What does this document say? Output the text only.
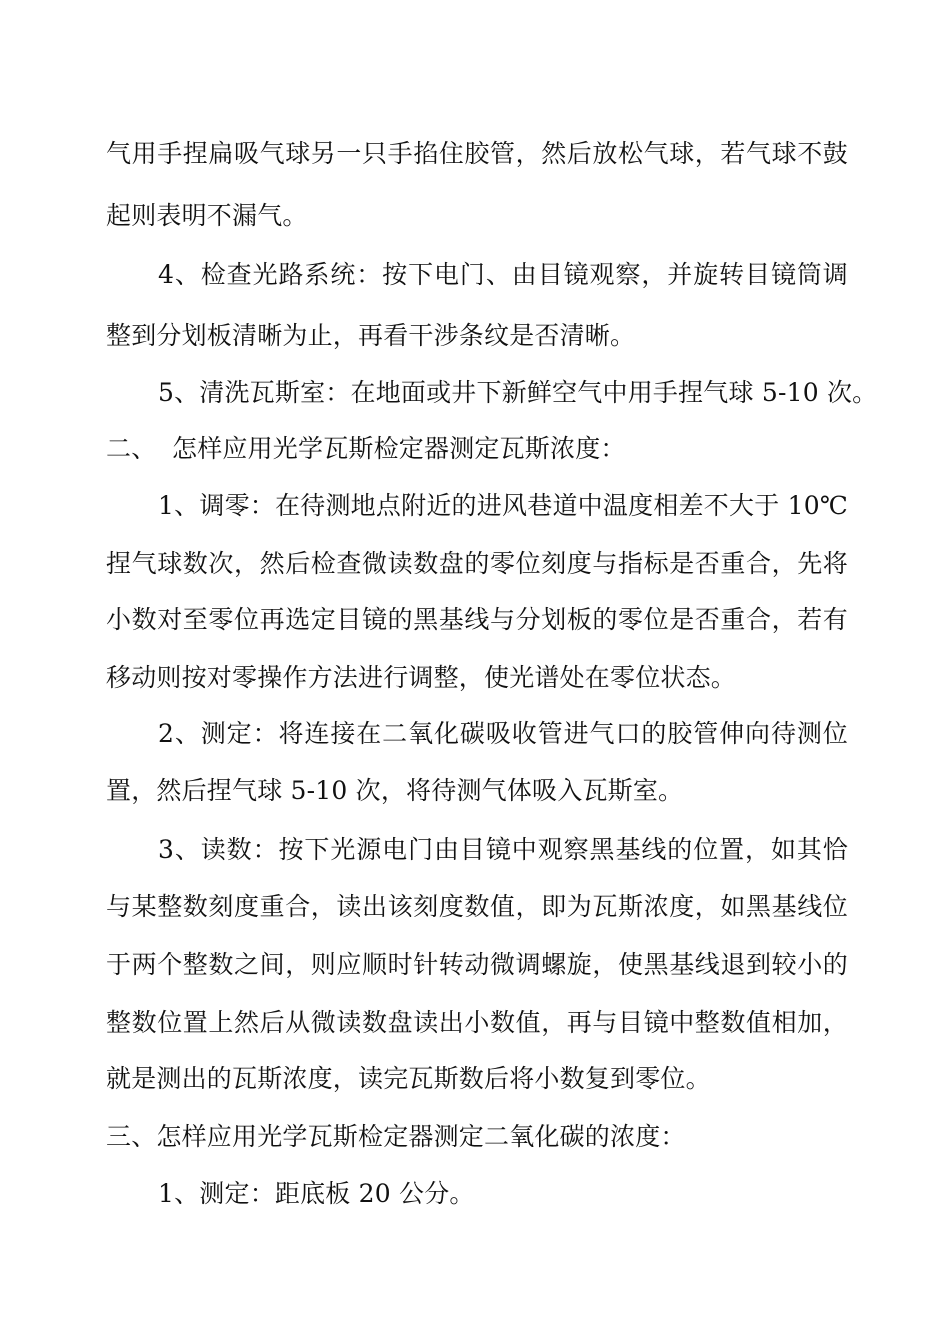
气用手捏扁吸气球另一只手掐住胶管，然后放松气球，若气球不鼓
起则表明不漏气。
4、检查光路系统：按下电门、由目镜观察，并旋转目镜筒调
整到分划板清晰为止，再看干涉条纹是否清晰。
5、清洗瓦斯室：在地面或井下新鲜空气中用手捏气球 5-10 次。
二、 怎样应用光学瓦斯检定器测定瓦斯浓度：
1、调零：在待测地点附近的进风巷道中温度相差不大于 10℃
捏气球数次，然后检查微读数盘的零位刻度与指标是否重合，先将
小数对至零位再选定目镜的黑基线与分划板的零位是否重合，若有
移动则按对零操作方法进行调整，使光谱处在零位状态。
2、测定：将连接在二氧化碳吸收管进气口的胶管伸向待测位
置，然后捏气球 5-10 次，将待测气体吸入瓦斯室。
3、读数：按下光源电门由目镜中观察黑基线的位置，如其恰
与某整数刻度重合，读出该刻度数值，即为瓦斯浓度，如黑基线位
于两个整数之间，则应顺时针转动微调螺旋，使黑基线退到较小的
整数位置上然后从微读数盘读出小数值，再与目镜中整数值相加，
就是测出的瓦斯浓度，读完瓦斯数后将小数复到零位。
三、怎样应用光学瓦斯检定器测定二氧化碳的浓度：
1、测定：距底板 20 公分。
